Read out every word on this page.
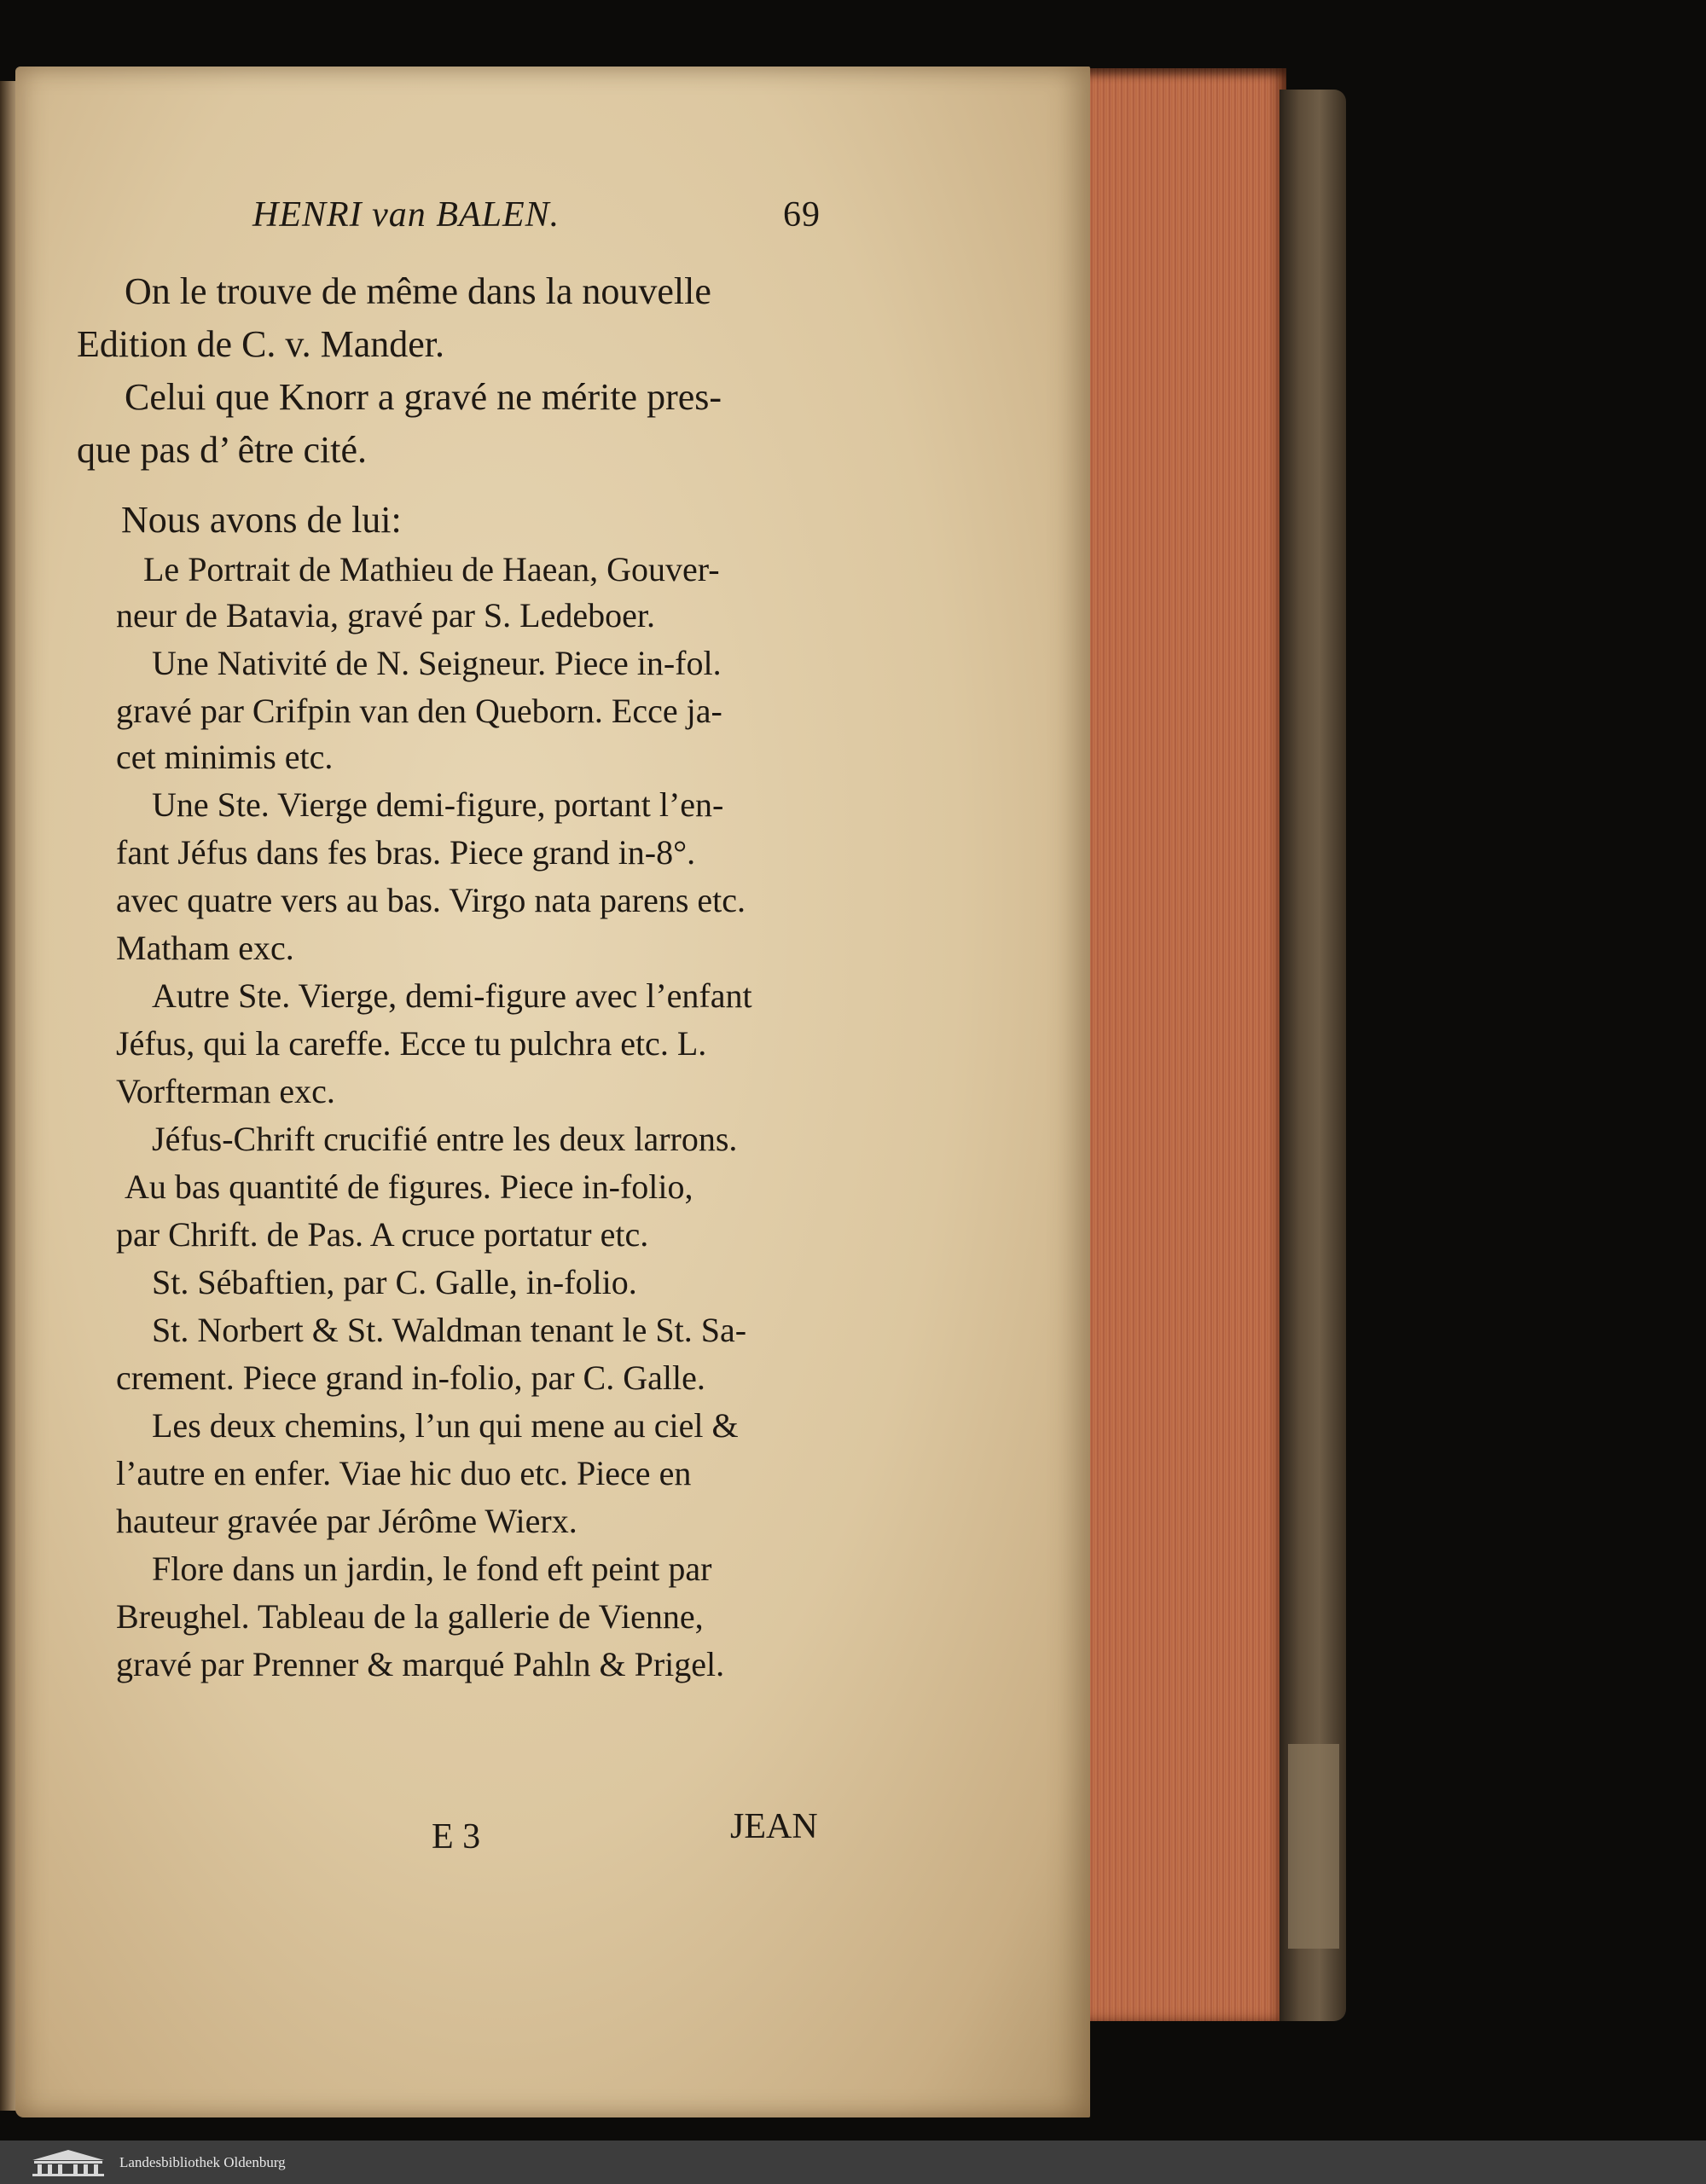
HENRI van BALEN.	69
On le trouve de même dans la nouvelle
Edition de C. v. Mander.
Celui que Knorr a gravé ne mérite pres-
que pas d’ être cité.
Nous avons de lui:
Le Portrait de Mathieu de Haean, Gouver-
neur de Batavia, gravé par S. Ledeboer.
Une Nativité de N. Seigneur. Piece in-fol.
gravé par Crifpin van den Queborn. Ecce ja-
cet minimis etc.
Une Ste. Vierge demi-figure, portant l’en-
fant Jéfus dans fes bras. Piece grand in-8°.
avec quatre vers au bas. Virgo nata parens etc.
Matham exc.
Autre Ste. Vierge, demi-figure avec l’enfant
Jéfus, qui la careffe. Ecce tu pulchra etc. L.
Vorfterman exc.
Jéfus-Chrift crucifié entre les deux larrons.
Au bas quantité de figures. Piece in-folio,
par Chrift. de Pas. A cruce portatur etc.
St. Sébaftien, par C. Galle, in-folio.
St. Norbert & St. Waldman tenant le St. Sa-
crement. Piece grand in-folio, par C. Galle.
Les deux chemins, l’un qui mene au ciel &
l’autre en enfer. Viae hic duo etc. Piece en
hauteur gravée par Jérôme Wierx.
Flore dans un jardin, le fond eft peint par
Breughel. Tableau de la gallerie de Vienne,
gravé par Prenner & marqué Pahln & Prigel.
E 3	JEAN
Landesbibliothek Oldenburg
